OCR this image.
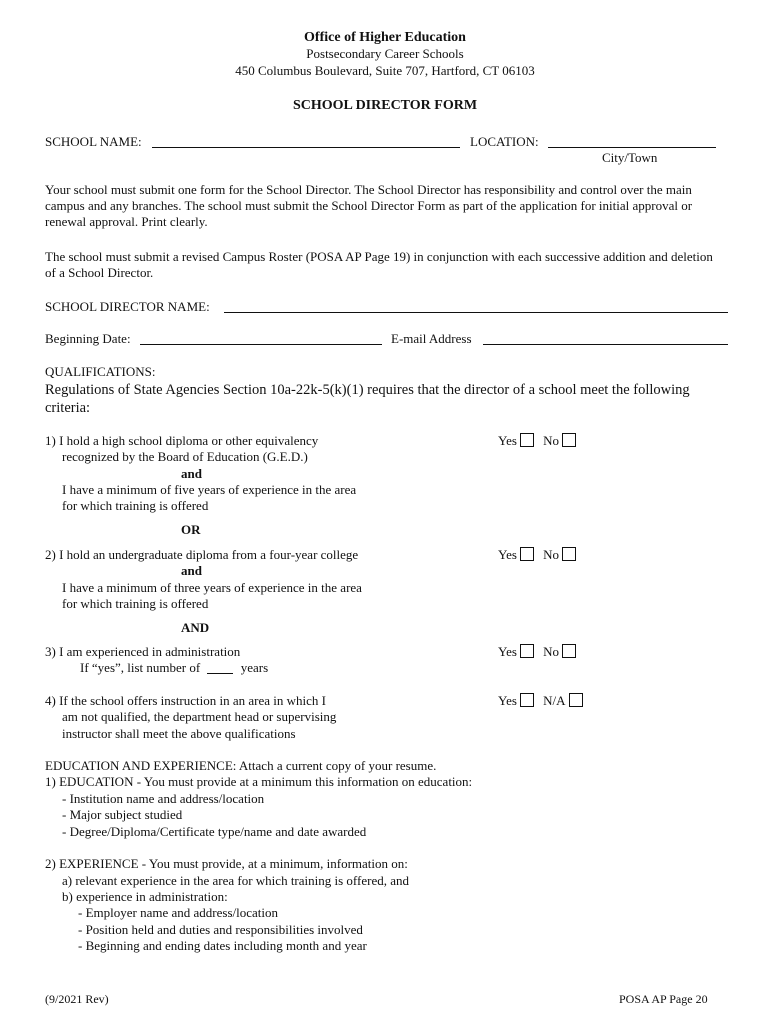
Office of Higher Education
Postsecondary Career Schools
450 Columbus Boulevard, Suite 707, Hartford, CT 06103
SCHOOL DIRECTOR FORM
SCHOOL NAME:	LOCATION:
City/Town
Your school must submit one form for the School Director. The School Director has responsibility and control over the main campus and any branches. The school must submit the School Director Form as part of the application for initial approval or renewal approval. Print clearly.
The school must submit a revised Campus Roster (POSA AP Page 19) in conjunction with each successive addition and deletion of a School Director.
SCHOOL DIRECTOR NAME:
Beginning Date:	E-mail Address
QUALIFICATIONS:
Regulations of State Agencies Section 10a-22k-5(k)(1) requires that the director of a school meet the following criteria:
1) I hold a high school diploma or other equivalency
recognized by the Board of Education (G.E.D.)
and
I have a minimum of five years of experience in the area
for which training is offered
Yes No
OR
2) I hold an undergraduate diploma from a four-year college
and
I have a minimum of three years of experience in the area
for which training is offered
Yes No
AND
3) I am experienced in administration
If “yes”, list number of	years
Yes No
4) If the school offers instruction in an area in which I
am not qualified, the department head or supervising
instructor shall meet the above qualifications
Yes N/A
EDUCATION AND EXPERIENCE: Attach a current copy of your resume.
1) EDUCATION - You must provide at a minimum this information on education:
- Institution name and address/location
- Major subject studied
- Degree/Diploma/Certificate type/name and date awarded
2) EXPERIENCE - You must provide, at a minimum, information on:
a) relevant experience in the area for which training is offered, and
b) experience in administration:
- Employer name and address/location
- Position held and duties and responsibilities involved
- Beginning and ending dates including month and year
(9/2021 Rev)	POSA AP Page 20
